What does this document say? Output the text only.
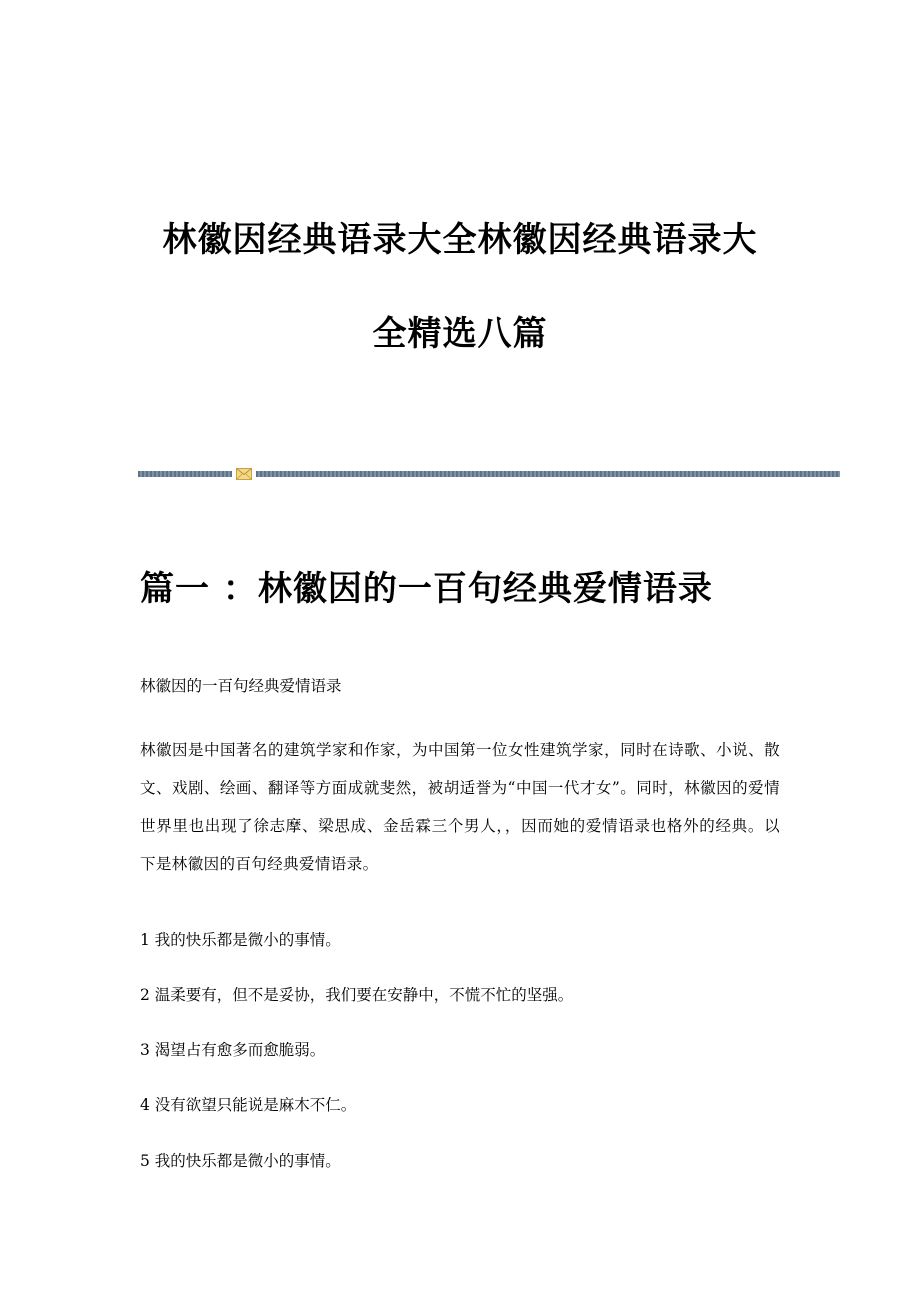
林徽因经典语录大全林徽因经典语录大
全精选八篇
篇一 ：林徽因的一百句经典爱情语录

林徽因的一百句经典爱情语录

林徽因是中国著名的建筑学家和作家，为中国第一位女性建筑学家，同时在诗歌、小说、散文、戏剧、绘画、翻译等方面成就斐然，被胡适誉为“中国一代才女”。同时，林徽因的爱情世界里也出现了徐志摩、梁思成、金岳霖三个男人，，因而她的爱情语录也格外的经典。以下是林徽因的百句经典爱情语录。

1 我的快乐都是微小的事情。

2 温柔要有，但不是妥协，我们要在安静中，不慌不忙的坚强。

3 渴望占有愈多而愈脆弱。

4 没有欲望只能说是麻木不仁。

5 我的快乐都是微小的事情。
